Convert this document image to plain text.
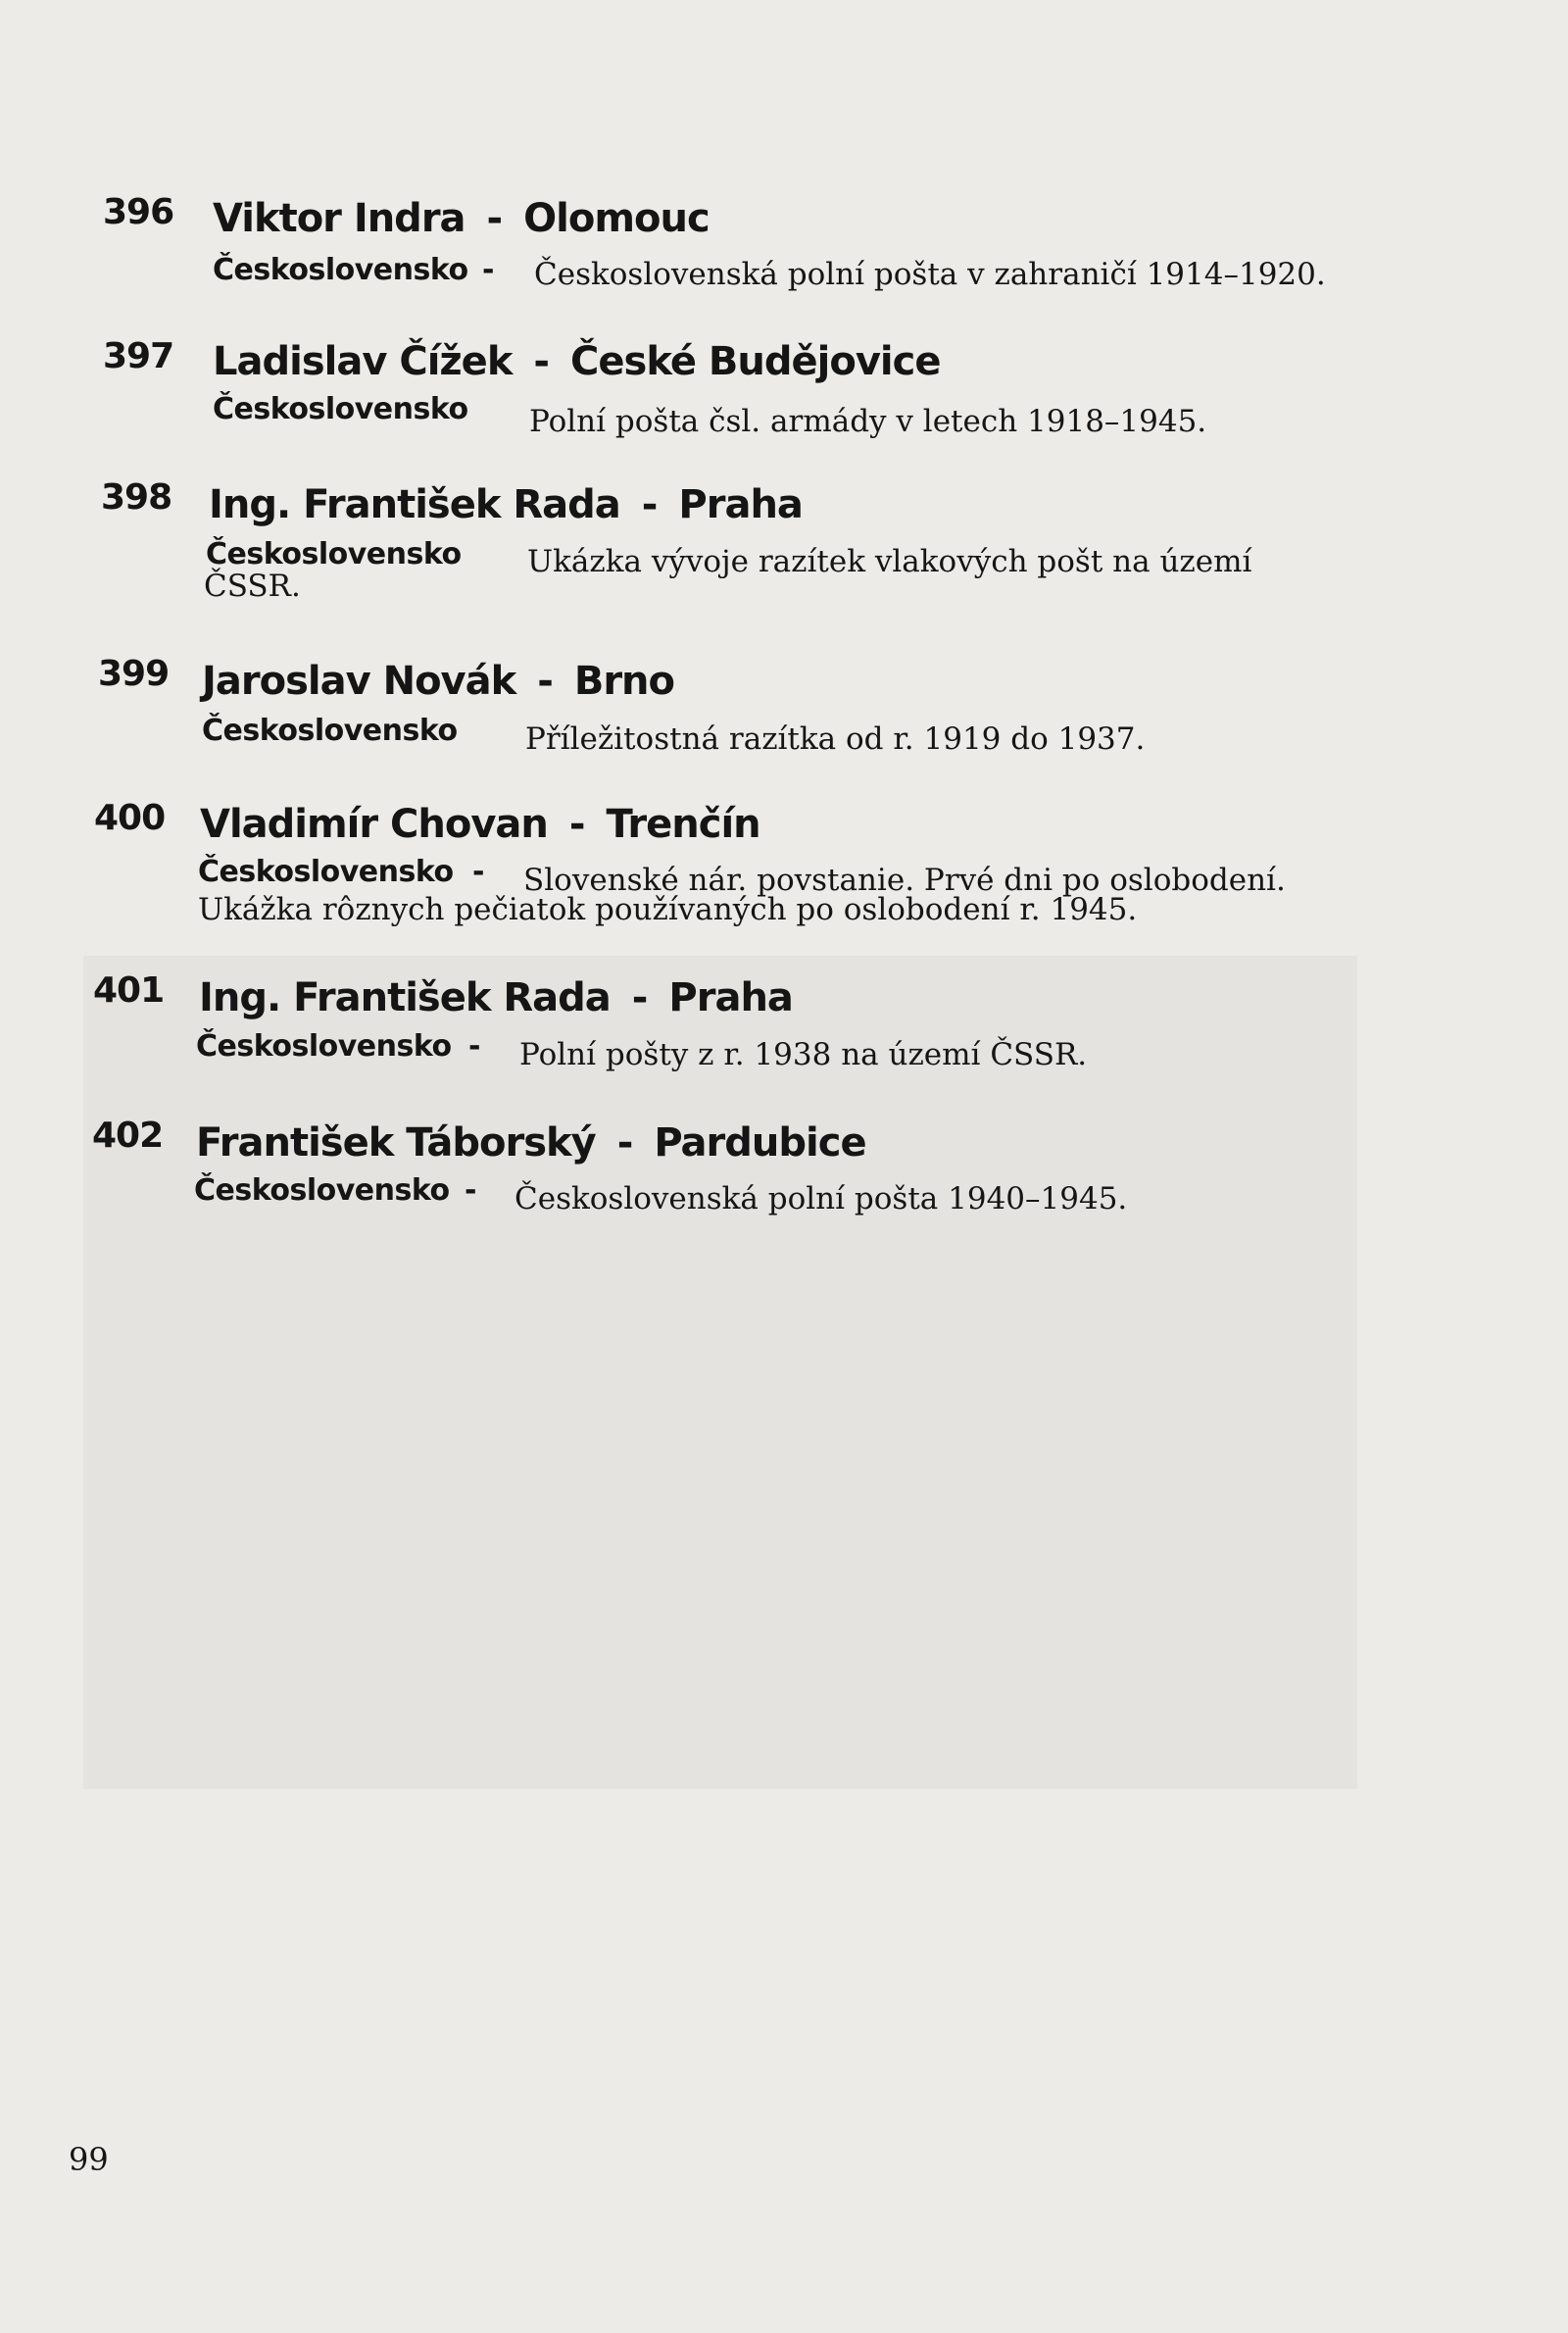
396 Viktor Indra - Olomouc
Československo - Československá polní pošta v zahraničí 1914–1920.
397 Ladislav Čížek - České Budějovice
Československo Polní pošta čsl. armády v letech 1918–1945.
398 Ing. František Rada - Praha
Československo Ukázka vývoje razítek vlakových pošt na území
ČSSR.
399 Jaroslav Novák - Brno
Československo Příležitostná razítka od r. 1919 do 1937.
400 Vladimír Chovan - Trenčín
Československo - Slovenské nár. povstanie. Prvé dni po oslobodení.
Ukážka rôznych pečiatok používaných po oslobodení r. 1945.
401 Ing. František Rada - Praha
Československo - Polní pošty z r. 1938 na území ČSSR.
402 František Táborský - Pardubice
Československo - Československá polní pošta 1940–1945.
99
